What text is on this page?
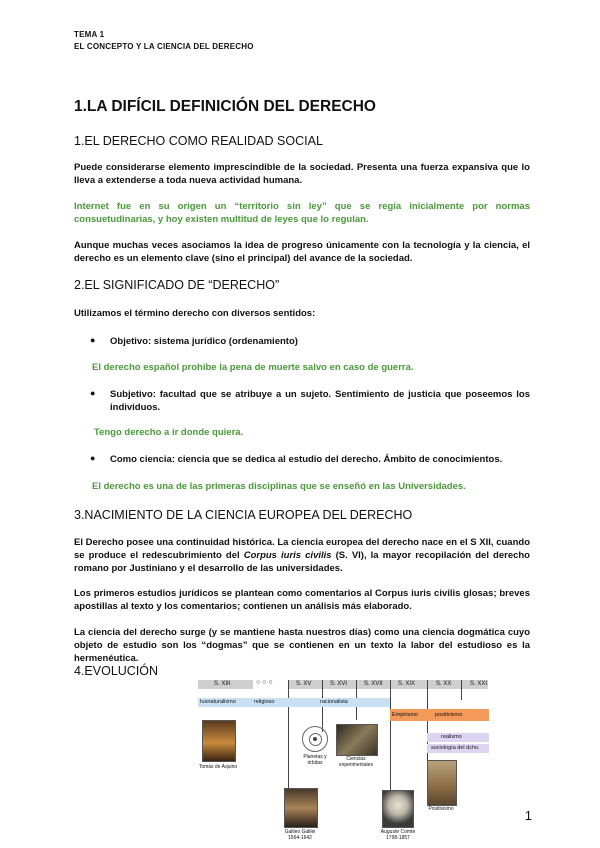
TEMA 1
EL CONCEPTO Y LA CIENCIA DEL DERECHO
1.LA DIFÍCIL DEFINICIÓN DEL DERECHO
1.EL DERECHO COMO REALIDAD SOCIAL
Puede considerarse elemento imprescindible de la sociedad. Presenta una fuerza expansiva que lo lleva a extenderse a toda nueva actividad humana.
Internet fue en su origen un “territorio sin ley” que se regía inicialmente por normas consuetudinarias, y hoy existen multitud de leyes que lo regulan.
Aunque muchas veces asociamos la idea de progreso únicamente con la tecnología y la ciencia, el derecho es un elemento clave (sino el principal) del avance de la sociedad.
2.EL SIGNIFICADO DE “DERECHO”
Utilizamos el término derecho con diversos sentidos:
● Objetivo: sistema jurídico (ordenamiento)
El derecho español prohíbe la pena de muerte salvo en caso de guerra.
● Subjetivo: facultad que se atribuye a un sujeto. Sentimiento de justicia que poseemos los individuos.
Tengo derecho a ir donde quiera.
● Como ciencia: ciencia que se dedica al estudio del derecho. Ámbito de conocimientos.
El derecho es una de las primeras disciplinas que se enseñó en las Universidades.
3.NACIMIENTO DE LA CIENCIA EUROPEA DEL DERECHO
El Derecho posee una continuidad histórica. La ciencia europea del derecho nace en el S XII, cuando se produce el redescubrimiento del Corpus iuris civilis (S. VI), la mayor recopilación del derecho romano por Justiniano y el desarrollo de las universidades.
Los primeros estudios jurídicos se plantean como comentarios al Corpus iuris civilis glosas; breves apostillas al texto y los comentarios; contienen un análisis más elaborado.
La ciencia del derecho surge (y se mantiene hasta nuestros días) como una ciencia dogmática cuyo objeto de estudio son los “dogmas” que se contienen en un texto la labor del estudioso es la hermenéutica.
4.EVOLUCIÓN
S. XIII	○ ○ ○	S. XV	S. XVI	S. XVII	S. XIX	S. XX	S. XXI
Iusnaturalismo	religioso	racionalista
Empirismo	positivismo
realismo
sociología del dcho.
Tomás de Aquino
Planetas y órbitas
Ciencias experimentales
Positivismo
Galileo Galilei 1564-1642
Auguste Comte 1798-1857
1
